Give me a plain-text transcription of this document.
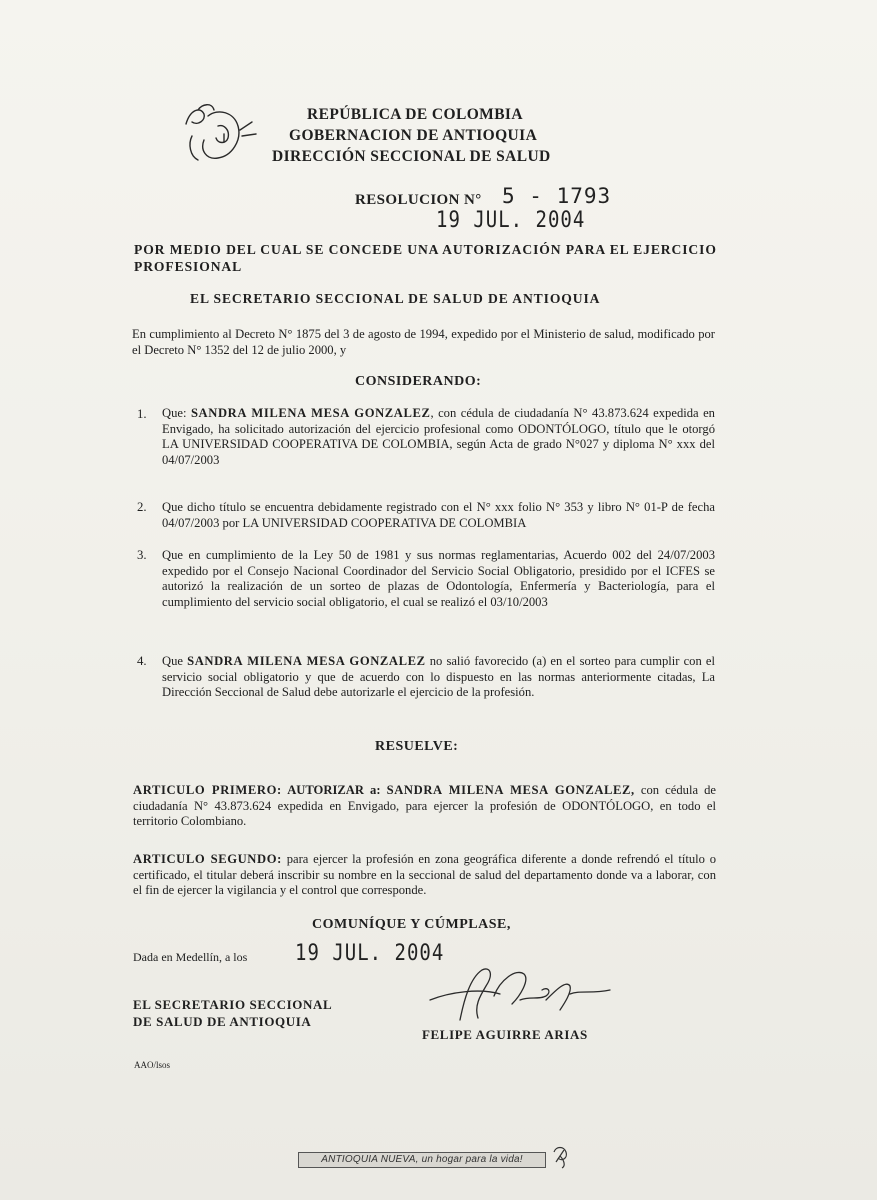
REPÚBLICA DE COLOMBIA
GOBERNACION DE ANTIOQUIA
DIRECCIÓN SECCIONAL DE SALUD
RESOLUCION N° 5 - 1793
19 JUL. 2004
POR MEDIO DEL CUAL SE CONCEDE UNA AUTORIZACIÓN PARA EL EJERCICIO PROFESIONAL
EL SECRETARIO SECCIONAL DE SALUD DE ANTIOQUIA
En cumplimiento al Decreto N° 1875 del 3 de agosto de 1994, expedido por el Ministerio de salud, modificado por el Decreto N° 1352 del 12 de julio 2000, y
CONSIDERANDO:
1. Que: SANDRA MILENA MESA GONZALEZ, con cédula de ciudadanía N° 43.873.624 expedida en Envigado, ha solicitado autorización del ejercicio profesional como ODONTÓLOGO, título que le otorgó LA UNIVERSIDAD COOPERATIVA DE COLOMBIA, según Acta de grado N°027 y diploma N° xxx del 04/07/2003
2. Que dicho título se encuentra debidamente registrado con el N° xxx folio N° 353 y libro N° 01-P de fecha 04/07/2003 por LA UNIVERSIDAD COOPERATIVA DE COLOMBIA
3. Que en cumplimiento de la Ley 50 de 1981 y sus normas reglamentarias, Acuerdo 002 del 24/07/2003 expedido por el Consejo Nacional Coordinador del Servicio Social Obligatorio, presidido por el ICFES se autorizó la realización de un sorteo de plazas de Odontología, Enfermería y Bacteriología, para el cumplimiento del servicio social obligatorio, el cual se realizó el 03/10/2003
4. Que SANDRA MILENA MESA GONZALEZ no salió favorecido (a) en el sorteo para cumplir con el servicio social obligatorio y que de acuerdo con lo dispuesto en las normas anteriormente citadas, La Dirección Seccional de Salud debe autorizarle el ejercicio de la profesión.
RESUELVE:
ARTICULO PRIMERO: AUTORIZAR a: SANDRA MILENA MESA GONZALEZ, con cédula de ciudadanía N° 43.873.624 expedida en Envigado, para ejercer la profesión de ODONTÓLOGO, en todo el territorio Colombiano.
ARTICULO SEGUNDO: para ejercer la profesión en zona geográfica diferente a donde refrendó el título o certificado, el titular deberá inscribir su nombre en la seccional de salud del departamento donde va a laborar, con el fin de ejercer la vigilancia y el control que corresponde.
COMUNÍQUE Y CÚMPLASE,
Dada en Medellín, a los	19 JUL. 2004
EL SECRETARIO SECCIONAL
DE SALUD DE ANTIOQUIA
FELIPE AGUIRRE ARIAS
AAO/lsos
ANTIOQUIA NUEVA, un hogar para la vida!
